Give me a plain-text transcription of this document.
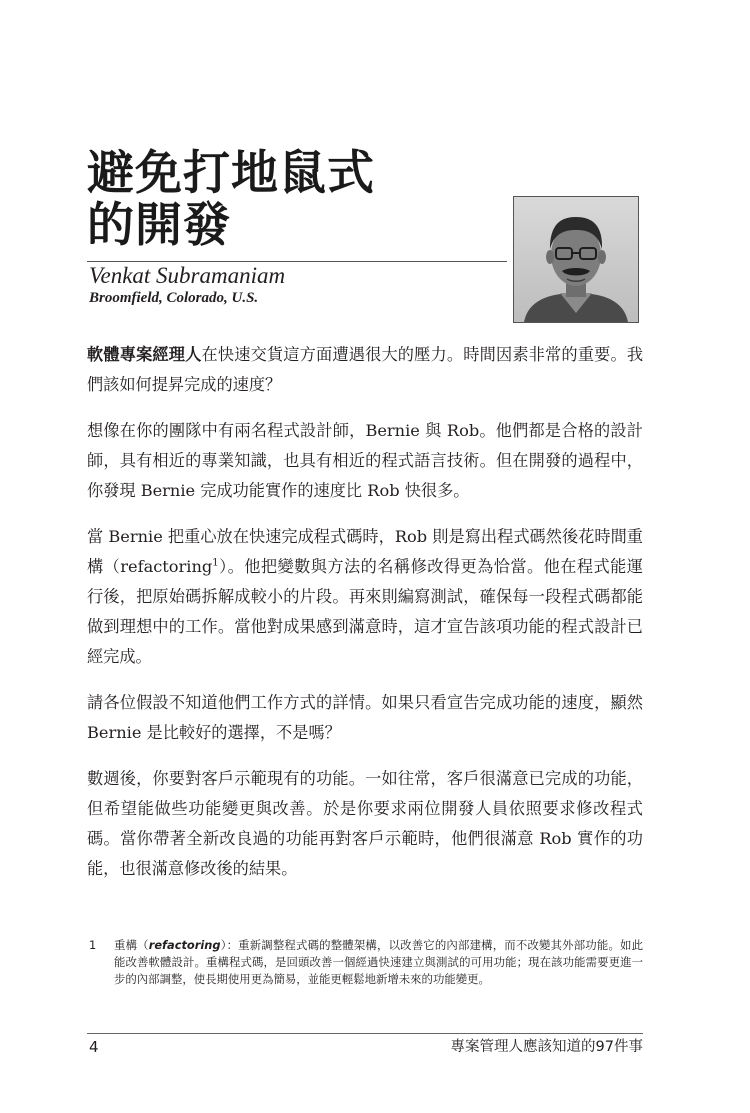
避免打地鼠式
的開發
Venkat Subramaniam
Broomfield, Colorado, U.S.

軟體專案經理人在快速交貨這方面遭遇很大的壓力。時間因素非常的重要。我們該如何提昇完成的速度？

想像在你的團隊中有兩名程式設計師，Bernie 與 Rob。他們都是合格的設計師，具有相近的專業知識，也具有相近的程式語言技術。但在開發的過程中，你發現 Bernie 完成功能實作的速度比 Rob 快很多。

當 Bernie 把重心放在快速完成程式碼時，Rob 則是寫出程式碼然後花時間重構（refactoring$^1$）。他把變數與方法的名稱修改得更為恰當。他在程式能運行後，把原始碼拆解成較小的片段。再來則編寫測試，確保每一段程式碼都能做到理想中的工作。當他對成果感到滿意時，這才宣告該項功能的程式設計已經完成。

請各位假設不知道他們工作方式的詳情。如果只看宣告完成功能的速度，顯然 Bernie 是比較好的選擇，不是嗎？

數週後，你要對客戶示範現有的功能。一如往常，客戶很滿意已完成的功能，但希望能做些功能變更與改善。於是你要求兩位開發人員依照要求修改程式碼。當你帶著全新改良過的功能再對客戶示範時，他們很滿意 Rob 實作的功能，也很滿意修改後的結果。

1 重構（refactoring）：重新調整程式碼的整體架構，以改善它的內部建構，而不改變其外部功能。如此能改善軟體設計。重構程式碼，是回頭改善一個經過快速建立與測試的可用功能；現在該功能需要更進一步的內部調整，使長期使用更為簡易，並能更輕鬆地新增未來的功能變更。
4	專案管理人應該知道的97件事
